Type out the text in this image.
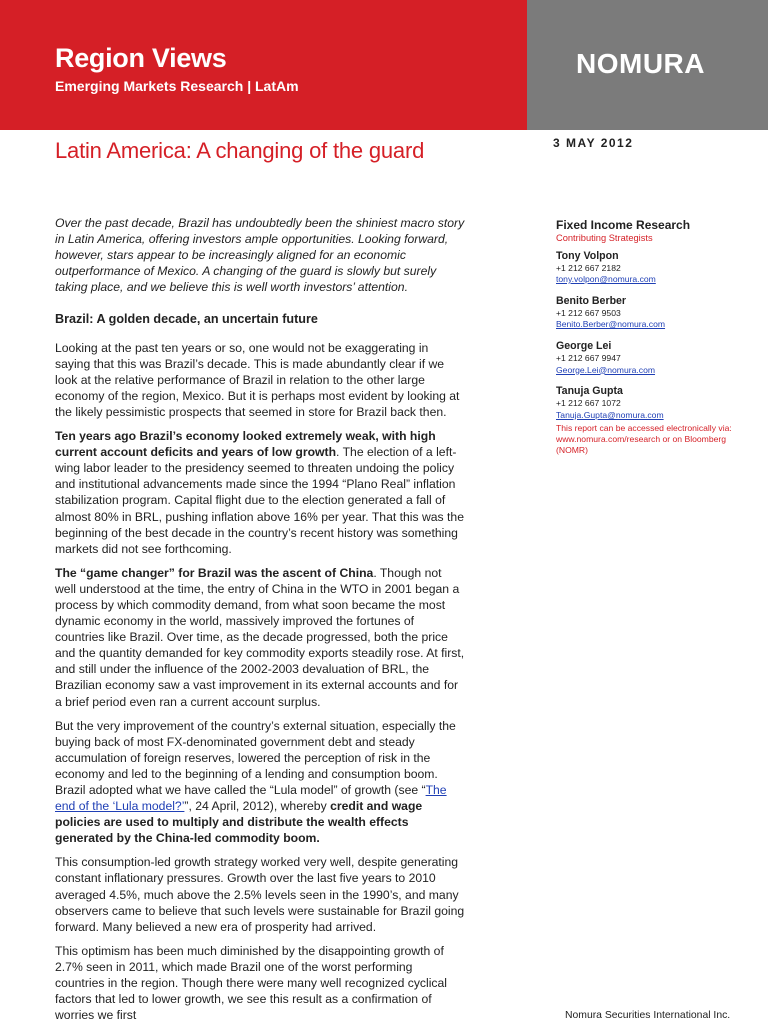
Region Views
Emerging Markets Research | LatAm
NOMURA
Latin America: A changing of the guard	3 MAY 2012

Over the past decade, Brazil has undoubtedly been the shiniest macro story in Latin America, offering investors ample opportunities. Looking forward, however, stars appear to be increasingly aligned for an economic outperformance of Mexico. A changing of the guard is slowly but surely taking place, and we believe this is well worth investors’ attention.

Brazil: A golden decade, an uncertain future

Looking at the past ten years or so, one would not be exaggerating in saying that this was Brazil’s decade. This is made abundantly clear if we look at the relative performance of Brazil in relation to the other large economy of the region, Mexico. But it is perhaps most evident by looking at the likely pessimistic prospects that seemed in store for Brazil back then.

Ten years ago Brazil’s economy looked extremely weak, with high current account deficits and years of low growth. The election of a left-wing labor leader to the presidency seemed to threaten undoing the policy and institutional advancements made since the 1994 “Plano Real” inflation stabilization program. Capital flight due to the election generated a fall of almost 80% in BRL, pushing inflation above 16% per year. That this was the beginning of the best decade in the country’s recent history was something markets did not see forthcoming.

The “game changer” for Brazil was the ascent of China. Though not well understood at the time, the entry of China in the WTO in 2001 began a process by which commodity demand, from what soon became the most dynamic economy in the world, massively improved the fortunes of countries like Brazil. Over time, as the decade progressed, both the price and the quantity demanded for key commodity exports steadily rose. At first, and still under the influence of the 2002-2003 devaluation of BRL, the Brazilian economy saw a vast improvement in its external accounts and for a brief period even ran a current account surplus.

But the very improvement of the country’s external situation, especially the buying back of most FX-denominated government debt and steady accumulation of foreign reserves, lowered the perception of risk in the economy and led to the beginning of a lending and consumption boom. Brazil adopted what we have called the “Lula model” of growth (see “The end of the ‘Lula model?’”, 24 April, 2012), whereby credit and wage policies are used to multiply and distribute the wealth effects generated by the China-led commodity boom.

This consumption-led growth strategy worked very well, despite generating constant inflationary pressures. Growth over the last five years to 2010 averaged 4.5%, much above the 2.5% levels seen in the 1990’s, and many observers came to believe that such levels were sustainable for Brazil going forward. Many believed a new era of prosperity had arrived.

This optimism has been much diminished by the disappointing growth of 2.7% seen in 2011, which made Brazil one of the worst performing countries in the region. Though there were many well recognized cyclical factors that led to lower growth, we see this result as a confirmation of worries we first

Fixed Income Research
Contributing Strategists
Tony Volpon
+1 212 667 2182
tony.volpon@nomura.com
Benito Berber
+1 212 667 9503
Benito.Berber@nomura.com
George Lei
+1 212 667 9947
George.Lei@nomura.com
Tanuja Gupta
+1 212 667 1072
Tanuja.Gupta@nomura.com
This report can be accessed electronically via: www.nomura.com/research or on Bloomberg (NOMR)
Nomura Securities International Inc.
